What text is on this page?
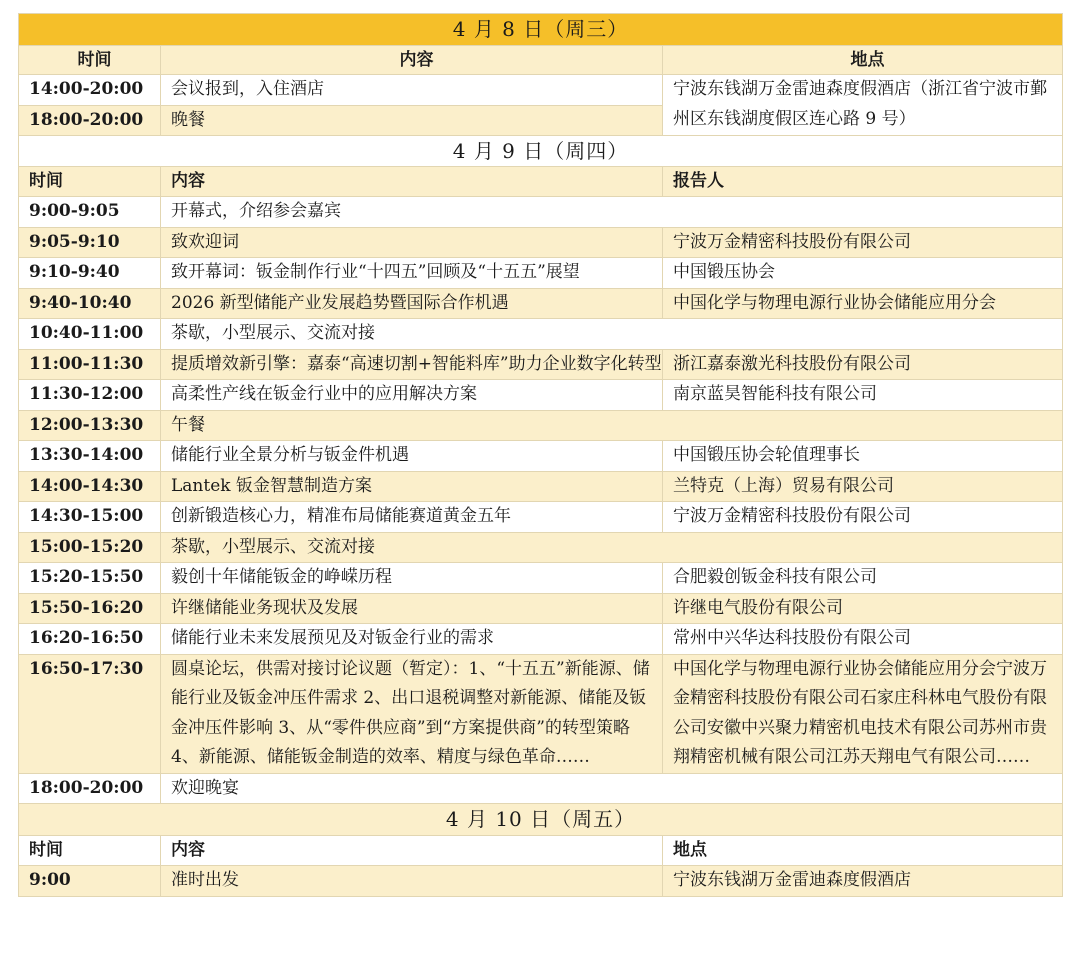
4 月 8 日（周三）		
时间	内容	地点
14:00-20:00	会议报到，入住酒店	宁波东钱湖万金雷迪森度假酒店（浙江省宁波市鄞州区东钱湖度假区连心路 9 号）
18:00-20:00	晚餐	
4 月 9 日（周四）		
时间	内容	报告人
9:00-9:05	开幕式，介绍参会嘉宾	
9:05-9:10	致欢迎词	宁波万金精密科技股份有限公司
9:10-9:40	致开幕词：钣金制作行业“十四五”回顾及“十五五”展望	中国锻压协会
9:40-10:40	2026 新型储能产业发展趋势暨国际合作机遇	中国化学与物理电源行业协会储能应用分会
10:40-11:00	茶歇，小型展示、交流对接	
11:00-11:30	提质增效新引擎：嘉泰“高速切割+智能料库”助力企业数字化转型	浙江嘉泰激光科技股份有限公司
11:30-12:00	高柔性产线在钣金行业中的应用解决方案	南京蓝昊智能科技有限公司
12:00-13:30	午餐	
13:30-14:00	储能行业全景分析与钣金件机遇	中国锻压协会轮值理事长
14:00-14:30	Lantek 钣金智慧制造方案	兰特克（上海）贸易有限公司
14:30-15:00	创新锻造核心力，精准布局储能赛道黄金五年	宁波万金精密科技股份有限公司
15:00-15:20	茶歇，小型展示、交流对接	
15:20-15:50	毅创十年储能钣金的峥嵘历程	合肥毅创钣金科技有限公司
15:50-16:20	许继储能业务现状及发展	许继电气股份有限公司
16:20-16:50	储能行业未来发展预见及对钣金行业的需求	常州中兴华达科技股份有限公司
16:50-17:30	圆桌论坛，供需对接讨论议题（暂定）：1、“十五五”新能源、储能行业及钣金冲压件需求 2、出口退税调整对新能源、储能及钣金冲压件影响 3、从“零件供应商”到“方案提供商”的转型策略 4、新能源、储能钣金制造的效率、精度与绿色革命……	中国化学与物理电源行业协会储能应用分会宁波万金精密科技股份有限公司石家庄科林电气股份有限公司安徽中兴聚力精密机电技术有限公司苏州市贵翔精密机械有限公司江苏天翔电气有限公司……
18:00-20:00	欢迎晚宴	
4 月 10 日（周五）		
时间	内容	地点
9:00	准时出发	宁波东钱湖万金雷迪森度假酒店
